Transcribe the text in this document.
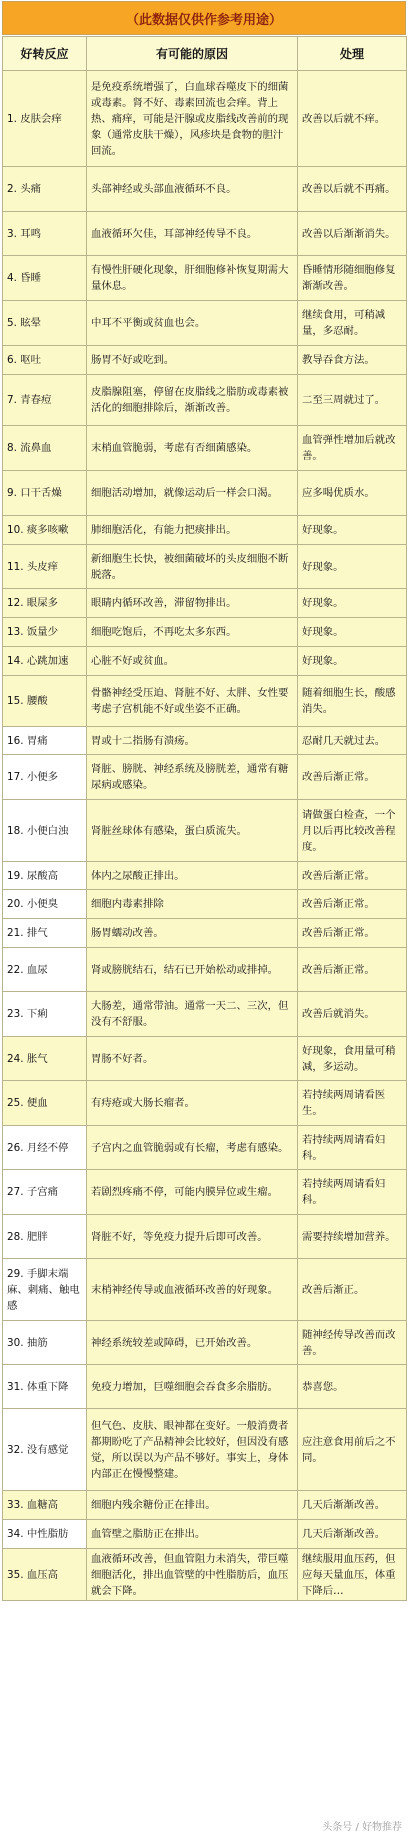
（此数据仅供作参考用途）
好转反应	有可能的原因	处理
1. 皮肤会痒	是免疫系统增强了，白血球吞噬皮下的细菌或毒素。肾不好、毒素回流也会痒。背上热、痛痒，可能是汗腺或皮脂线改善前的现象（通常皮肤干燥），风疹块是食物的胆汁回流。	改善以后就不痒。
2. 头痛	头部神经或头部血液循环不良。	改善以后就不再痛。
3. 耳鸣	血液循环欠佳，耳部神经传导不良。	改善以后渐渐消失。
4. 昏睡	有慢性肝硬化现象，肝细胞修补恢复期需大量休息。	昏睡情形随细胞修复渐渐改善。
5. 眩晕	中耳不平衡或贫血也会。	继续食用，可稍减量，多忍耐。
6. 呕吐	肠胃不好或吃到。	教导吞食方法。
7. 青春痘	皮脂腺阻塞，停留在皮脂线之脂肪或毒素被活化的细胞排除后，渐渐改善。	二至三周就过了。
8. 流鼻血	末梢血管脆弱，考虑有否细菌感染。	血管弹性增加后就改善。
9. 口干舌燥	细胞活动增加，就像运动后一样会口渴。	应多喝优质水。
10. 痰多咳嗽	肺细胞活化，有能力把痰排出。	好现象。
11. 头皮痒	新细胞生长快，被细菌破坏的头皮细胞不断脱落。	好现象。
12. 眼屎多	眼睛内循环改善，滞留物排出。	好现象。
13. 饭量少	细胞吃饱后，不再吃太多东西。	好现象。
14. 心跳加速	心脏不好或贫血。	好现象。
15. 腰酸	骨骼神经受压迫、肾脏不好、太胖、女性要考虑子宫机能不好或坐姿不正确。	随着细胞生长，酸感消失。
16. 胃痛	胃或十二指肠有溃疡。	忍耐几天就过去。
17. 小便多	肾脏、膀胱、神经系统及膀胱差，通常有糖尿病或感染。	改善后渐正常。
18. 小便白浊	肾脏丝球体有感染，蛋白质流失。	请做蛋白检查，一个月以后再比较改善程度。
19. 尿酸高	体内之尿酸正排出。	改善后渐正常。
20. 小便臭	细胞内毒素排除	改善后渐正常。
21. 排气	肠胃蠕动改善。	改善后渐正常。
22. 血尿	肾或膀胱结石，结石已开始松动或排掉。	改善后渐正常。
23. 下痢	大肠差，通常带油。通常一天二、三次，但没有不舒服。	改善后就消失。
24. 胀气	胃肠不好者。	好现象，食用量可稍减，多运动。
25. 便血	有痔疮或大肠长瘤者。	若持续两周请看医生。
26. 月经不停	子宫内之血管脆弱或有长瘤，考虑有感染。	若持续两周请看妇科。
27. 子宫痛	若剧烈疼痛不停，可能内膜异位或生瘤。	若持续两周请看妇科。
28. 肥胖	肾脏不好，等免疫力提升后即可改善。	需要持续增加营养。
29. 手脚末端麻、刺痛、触电感	末梢神经传导或血液循环改善的好现象。	改善后渐正。
30. 抽筋	神经系统较差或障碍，已开始改善。	随神经传导改善而改善。
31. 体重下降	免疫力增加，巨噬细胞会吞食多余脂肪。	恭喜您。
32. 没有感觉	但气色、皮肤、眼神都在变好。一般消费者都期盼吃了产品精神会比较好，但因没有感觉，所以误以为产品不够好。事实上，身体内部正在慢慢整建。	应注意食用前后之不同。
33. 血糖高	细胞内残余糖份正在排出。	几天后渐渐改善。
34. 中性脂肪	血管壁之脂肪正在排出。	几天后渐渐改善。
35. 血压高	血液循环改善，但血管阻力未消失，带巨噬细胞活化，排出血管壁的中性脂肪后，血压就会下降。	继续服用血压药，但应每天量血压，体重下降后…
头条号 / 好物推荐
